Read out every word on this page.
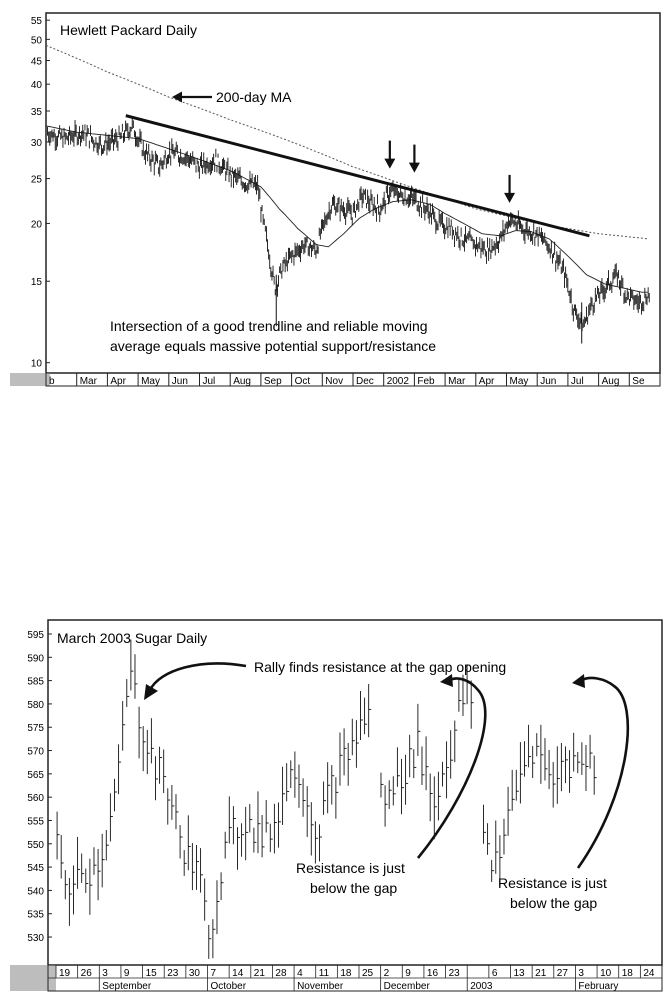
55
50
45
40
35
30
25
20
15
10
b	Mar Apr May Jun Jul Aug Sep Oct Nov Dec 2002 Feb Mar Apr May Jun Jul Aug Se
Hewlett Packard Daily
200-day MA
Intersection of a good trendline and reliable moving
average equals massive potential support/resistance
595
590
585
580
575
570
565
560
555
550
545
540
535
530
19 26 3 9 15 23 30 7 14 21 28 4 11 18 25 2 9 16 23	6 13 21 27 3 10 18 24
September	October	November	December	2003	February
March 2003 Sugar Daily
Rally finds resistance at the gap opening
Resistance is just
below the gap	Resistance is just
below the gap
